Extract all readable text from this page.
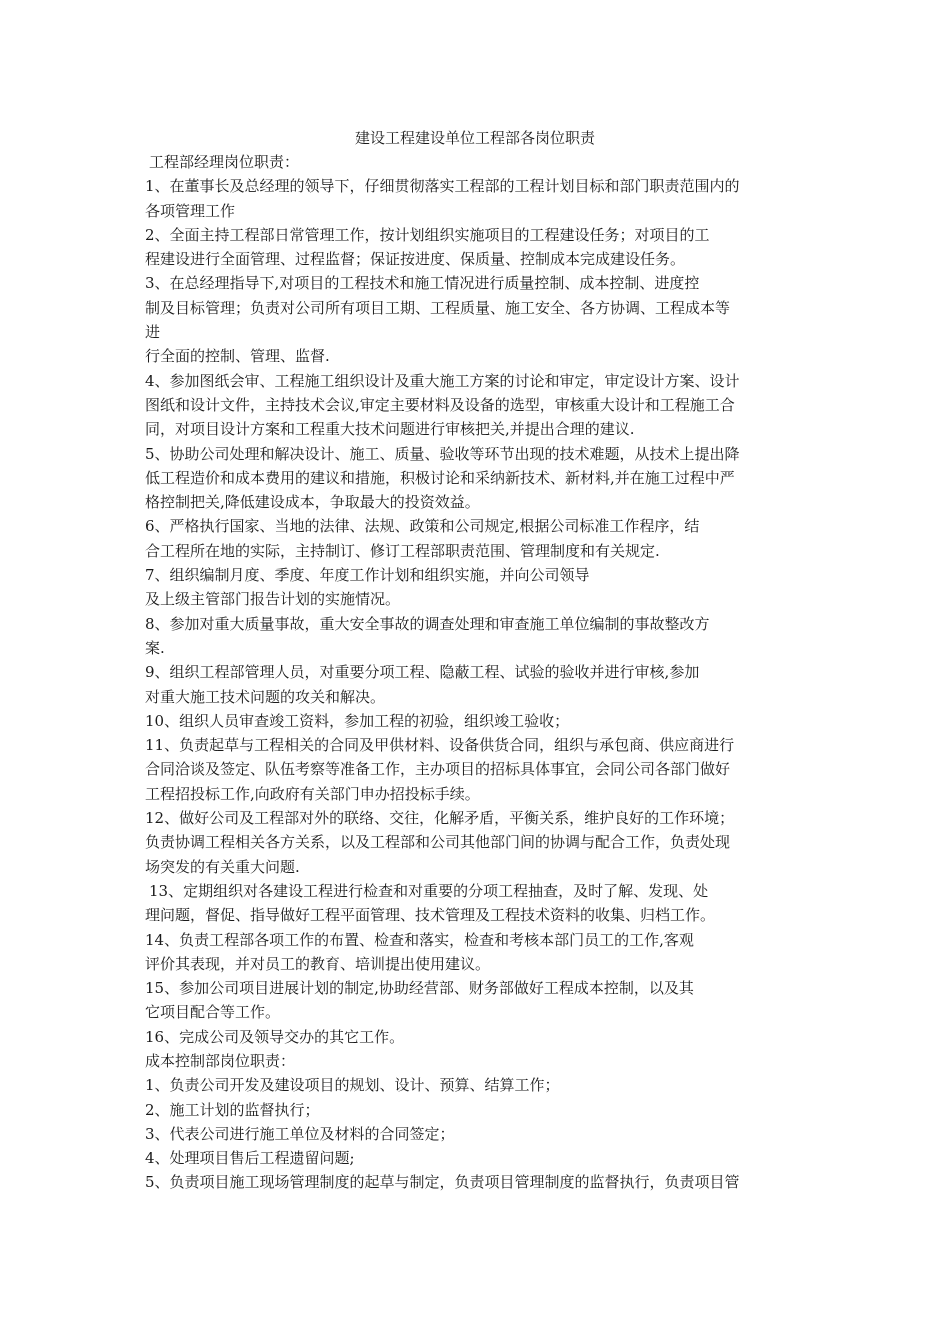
建设工程建设单位工程部各岗位职责
工程部经理岗位职责：
1、在董事长及总经理的领导下，仔细贯彻落实工程部的工程计划目标和部门职责范围内的
各项管理工作
2、全面主持工程部日常管理工作，按计划组织实施项目的工程建设任务；对项目的工
程建设进行全面管理、过程监督；保证按进度、保质量、控制成本完成建设任务。
3、在总经理指导下,对项目的工程技术和施工情况进行质量控制、成本控制、进度控
制及目标管理；负责对公司所有项目工期、工程质量、施工安全、各方协调、工程成本等
进
行全面的控制、管理、监督.
4、参加图纸会审、工程施工组织设计及重大施工方案的讨论和审定，审定设计方案、设计
图纸和设计文件，主持技术会议,审定主要材料及设备的选型，审核重大设计和工程施工合
同，对项目设计方案和工程重大技术问题进行审核把关,并提出合理的建议.
5、协助公司处理和解决设计、施工、质量、验收等环节出现的技术难题，从技术上提出降
低工程造价和成本费用的建议和措施，积极讨论和采纳新技术、新材料,并在施工过程中严
格控制把关,降低建设成本，争取最大的投资效益。
6、严格执行国家、当地的法律、法规、政策和公司规定,根据公司标准工作程序，结
合工程所在地的实际，主持制订、修订工程部职责范围、管理制度和有关规定.
7、组织编制月度、季度、年度工作计划和组织实施，并向公司领导
及上级主管部门报告计划的实施情况。
8、参加对重大质量事故，重大安全事故的调查处理和审查施工单位编制的事故整改方
案.
9、组织工程部管理人员，对重要分项工程、隐蔽工程、试验的验收并进行审核,参加
对重大施工技术问题的攻关和解决。
10、组织人员审查竣工资料，参加工程的初验，组织竣工验收；
11、负责起草与工程相关的合同及甲供材料、设备供货合同，组织与承包商、供应商进行
合同洽谈及签定、队伍考察等准备工作，主办项目的招标具体事宜，会同公司各部门做好
工程招投标工作,向政府有关部门申办招投标手续。
12、做好公司及工程部对外的联络、交往，化解矛盾，平衡关系，维护良好的工作环境；
负责协调工程相关各方关系，以及工程部和公司其他部门间的协调与配合工作，负责处现
场突发的有关重大问题.
13、定期组织对各建设工程进行检查和对重要的分项工程抽查，及时了解、发现、处
理问题，督促、指导做好工程平面管理、技术管理及工程技术资料的收集、归档工作。
14、负责工程部各项工作的布置、检查和落实，检查和考核本部门员工的工作,客观
评价其表现，并对员工的教育、培训提出使用建议。
15、参加公司项目进展计划的制定,协助经营部、财务部做好工程成本控制，以及其
它项目配合等工作。
16、完成公司及领导交办的其它工作。
成本控制部岗位职责：
1、负责公司开发及建设项目的规划、设计、预算、结算工作；
2、施工计划的监督执行；
3、代表公司进行施工单位及材料的合同签定；
4、处理项目售后工程遗留问题;
5、负责项目施工现场管理制度的起草与制定，负责项目管理制度的监督执行，负责项目管
